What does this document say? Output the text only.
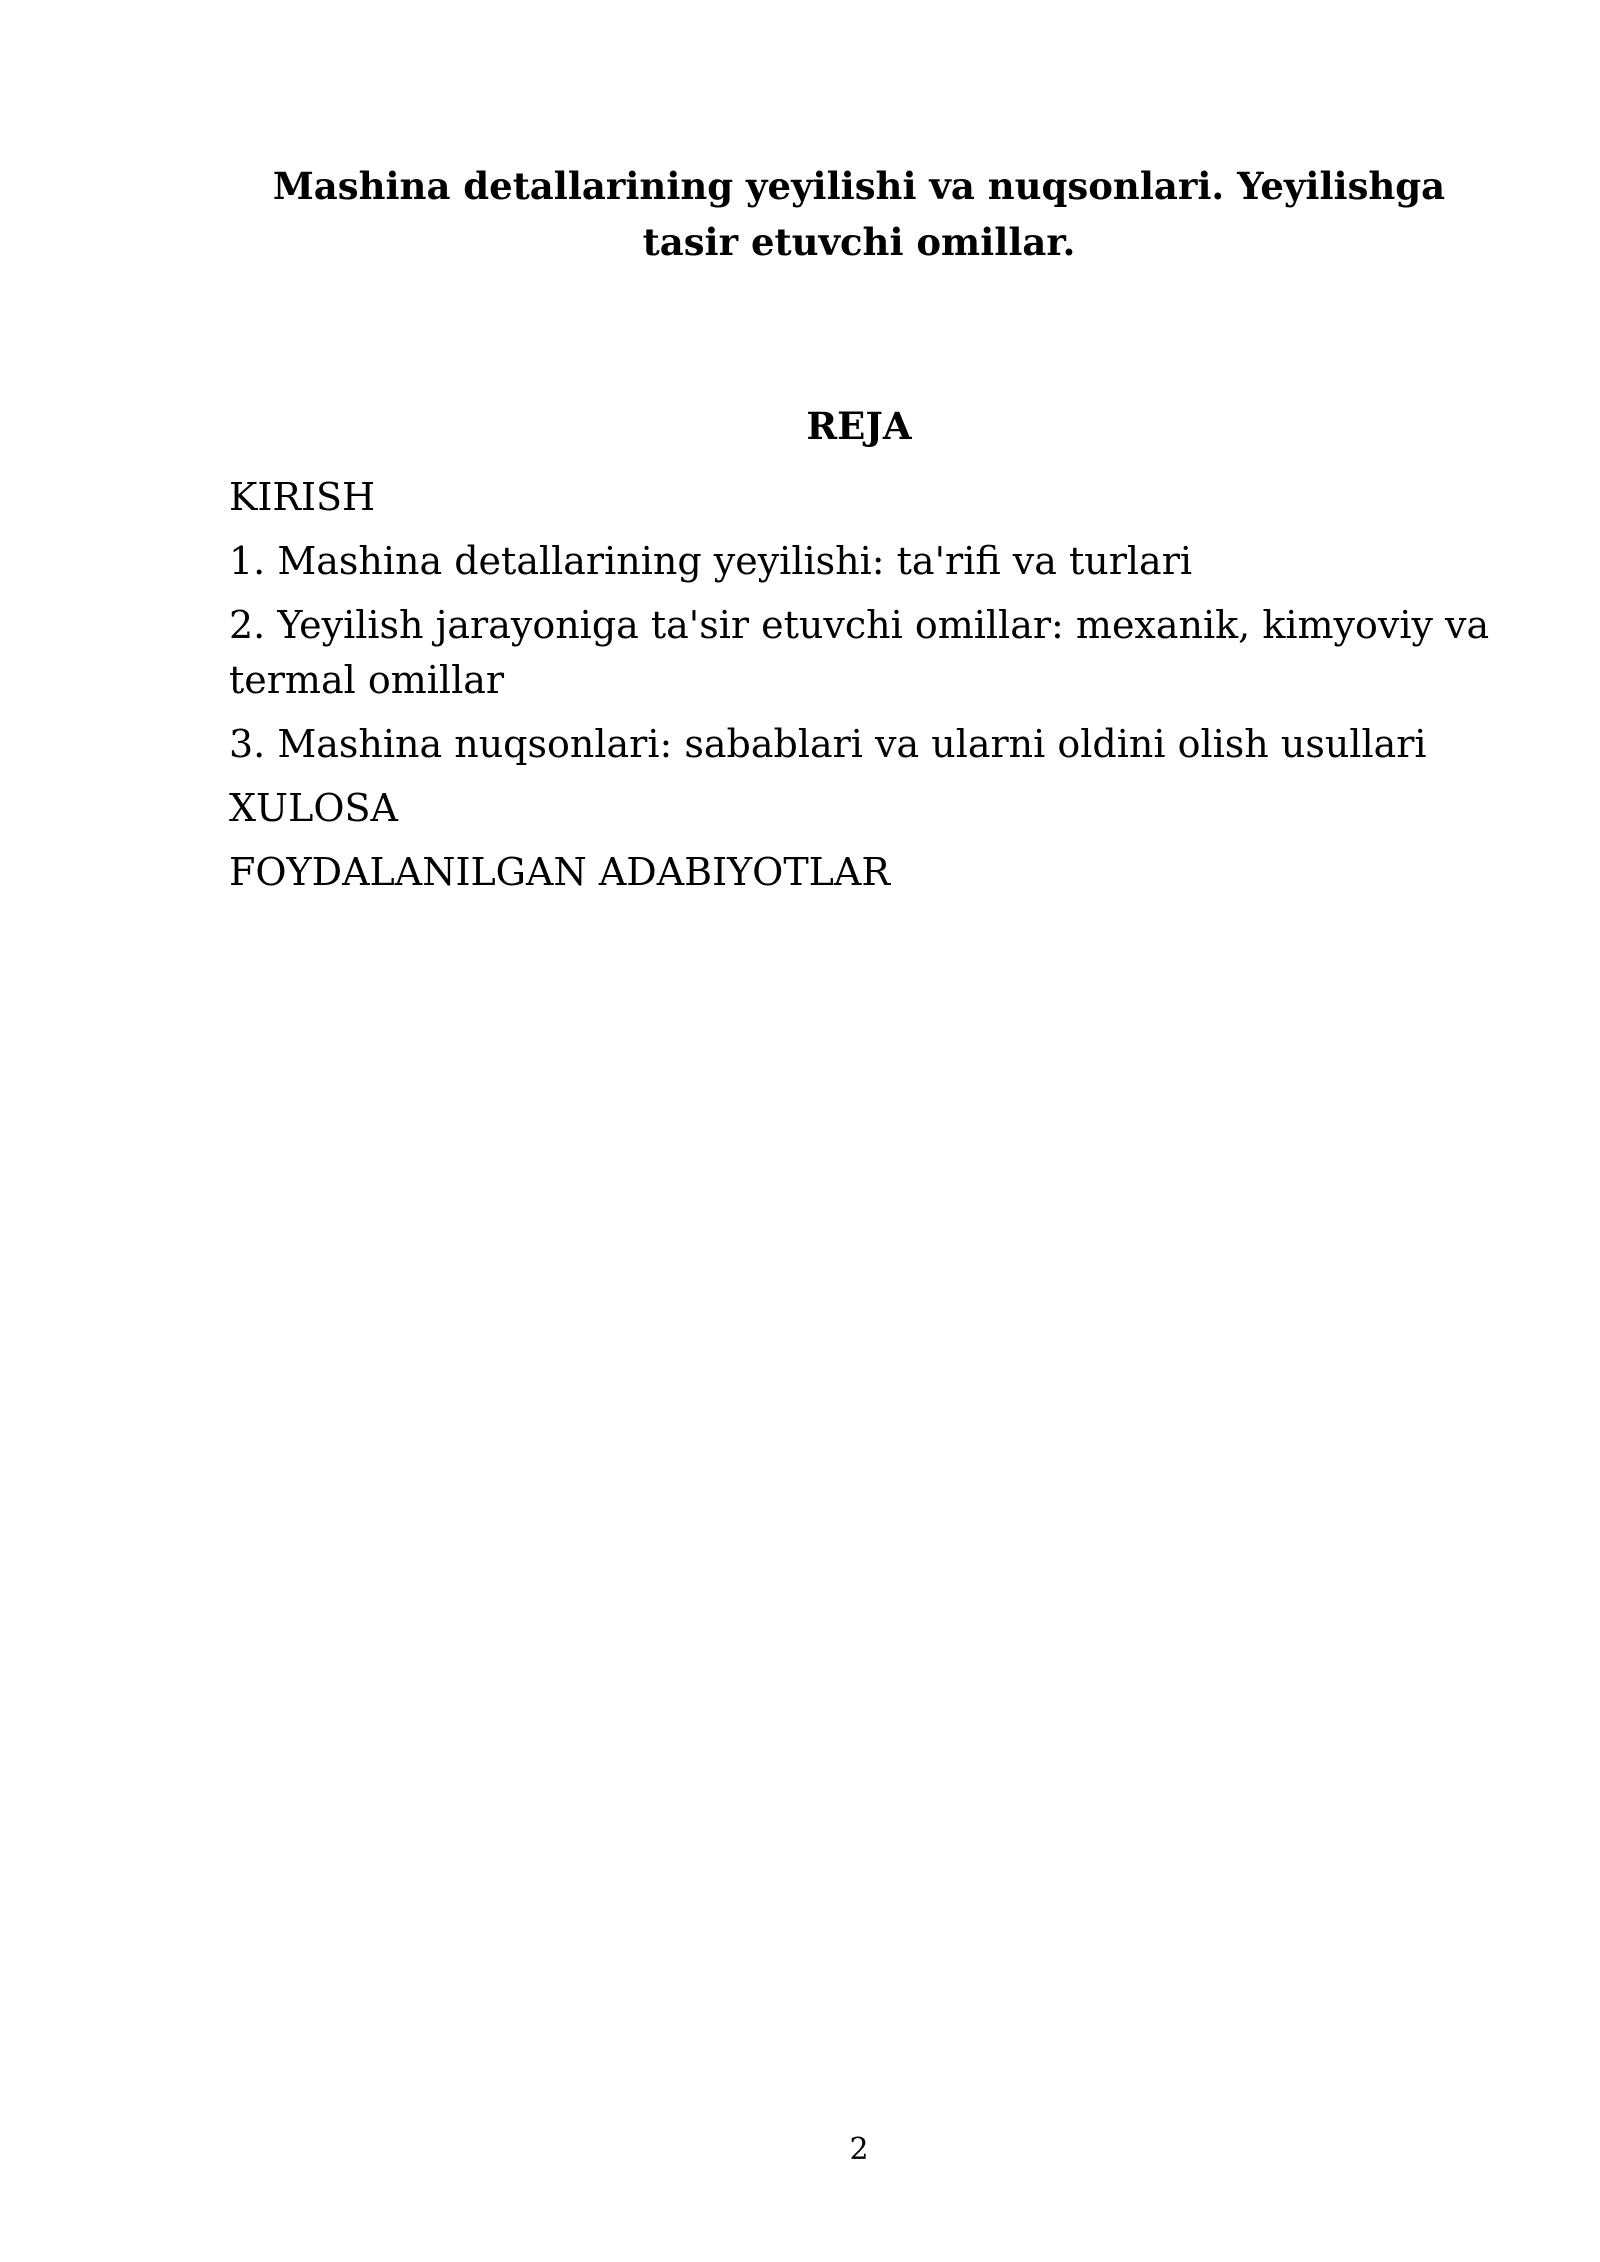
Mashina detallarining yeyilishi va nuqsonlari. Yeyilishga tasir etuvchi omillar.
REJA
KIRISH
1. Mashina detallarining yeyilishi: ta'rifi va turlari
2. Yeyilish jarayoniga ta'sir etuvchi omillar: mexanik, kimyoviy va termal omillar
3. Mashina nuqsonlari: sabablari va ularni oldini olish usullari
XULOSA
FOYDALANILGAN ADABIYOTLAR
2
